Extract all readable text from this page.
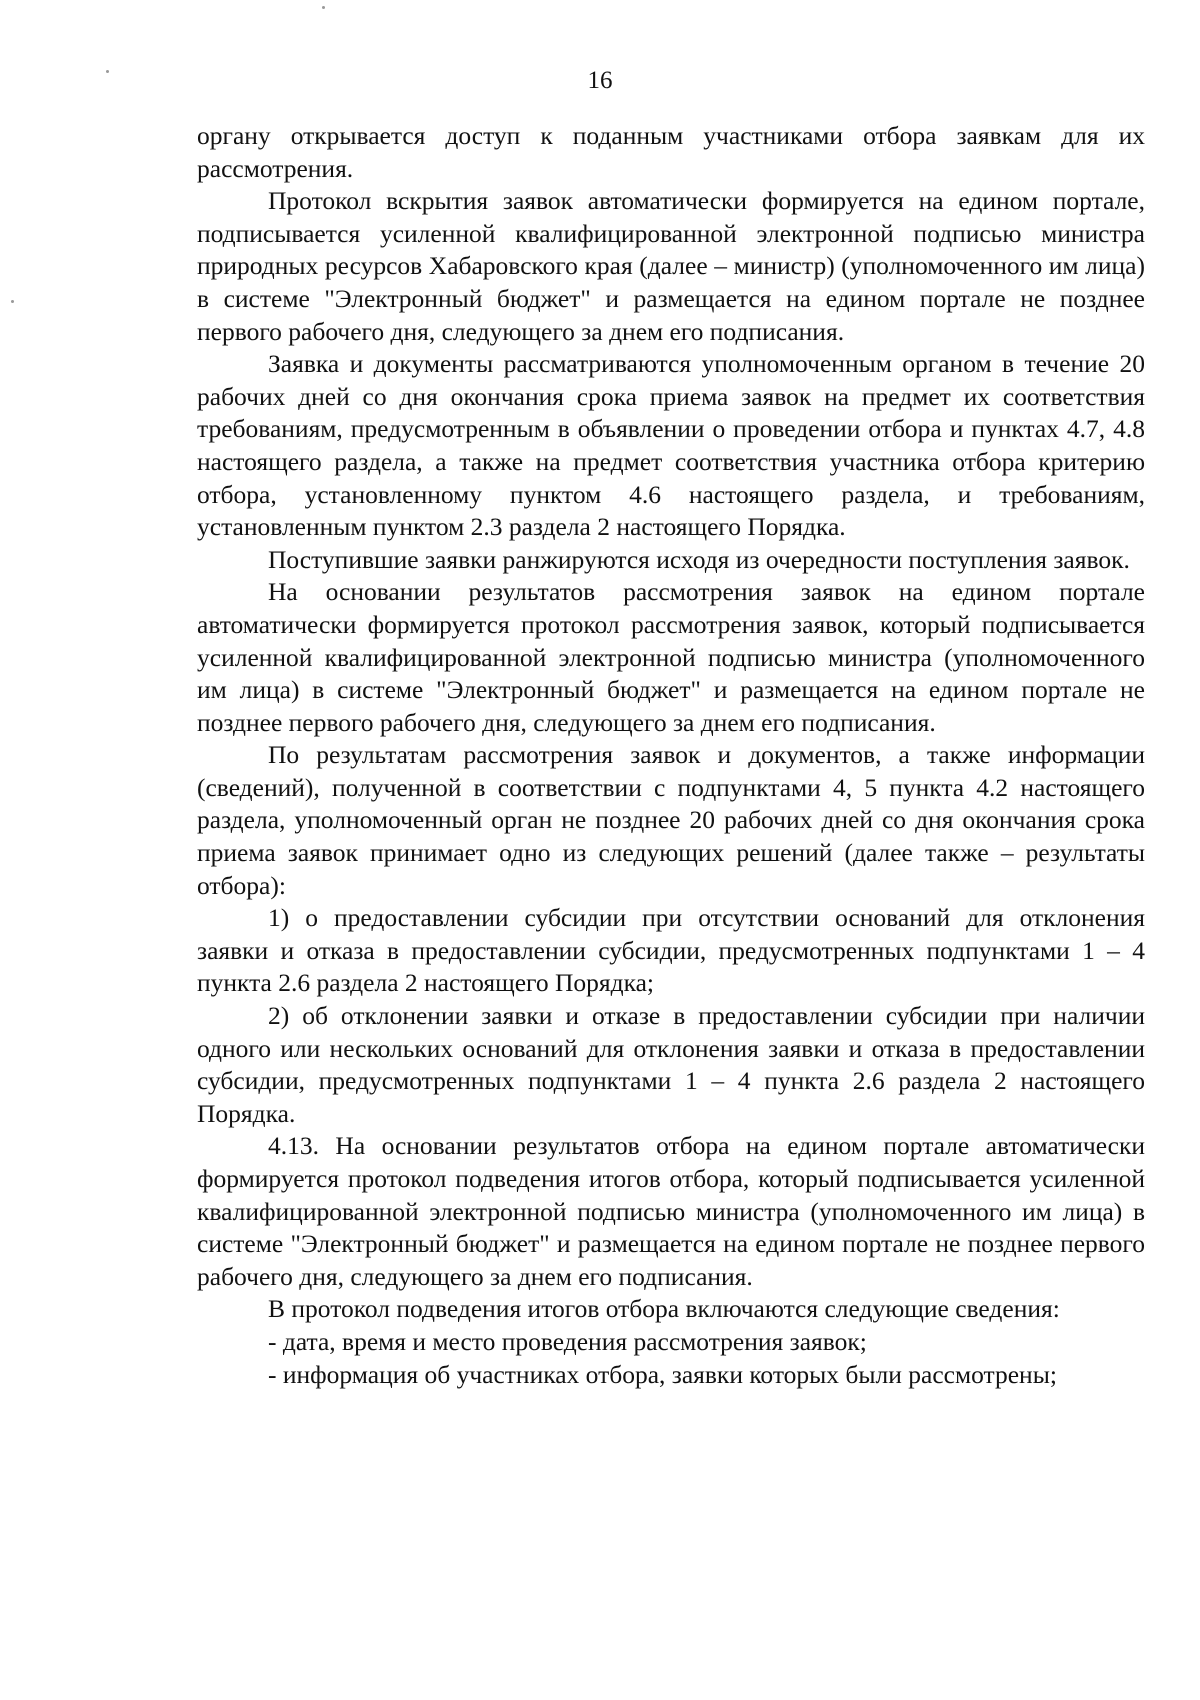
16

органу открывается доступ к поданным участниками отбора заявкам для их рассмотрения.

Протокол вскрытия заявок автоматически формируется на едином портале, подписывается усиленной квалифицированной электронной подписью министра природных ресурсов Хабаровского края (далее – министр) (уполномоченного им лица) в системе "Электронный бюджет" и размещается на едином портале не позднее первого рабочего дня, следующего за днем его подписания.

Заявка и документы рассматриваются уполномоченным органом в течение 20 рабочих дней со дня окончания срока приема заявок на предмет их соответствия требованиям, предусмотренным в объявлении о проведении отбора и пунктах 4.7, 4.8 настоящего раздела, а также на предмет соответствия участника отбора критерию отбора, установленному пунктом 4.6 настоящего раздела, и требованиям, установленным пунктом 2.3 раздела 2 настоящего Порядка.

Поступившие заявки ранжируются исходя из очередности поступления заявок.

На основании результатов рассмотрения заявок на едином портале автоматически формируется протокол рассмотрения заявок, который подписывается усиленной квалифицированной электронной подписью министра (уполномоченного им лица) в системе "Электронный бюджет" и размещается на едином портале не позднее первого рабочего дня, следующего за днем его подписания.

По результатам рассмотрения заявок и документов, а также информации (сведений), полученной в соответствии с подпунктами 4, 5 пункта 4.2 настоящего раздела, уполномоченный орган не позднее 20 рабочих дней со дня окончания срока приема заявок принимает одно из следующих решений (далее также – результаты отбора):

1) о предоставлении субсидии при отсутствии оснований для отклонения заявки и отказа в предоставлении субсидии, предусмотренных подпунктами 1 – 4 пункта 2.6 раздела 2 настоящего Порядка;

2) об отклонении заявки и отказе в предоставлении субсидии при наличии одного или нескольких оснований для отклонения заявки и отказа в предоставлении субсидии, предусмотренных подпунктами 1 – 4 пункта 2.6 раздела 2 настоящего Порядка.

4.13. На основании результатов отбора на едином портале автоматически формируется протокол подведения итогов отбора, который подписывается усиленной квалифицированной электронной подписью министра (уполномоченного им лица) в системе "Электронный бюджет" и размещается на едином портале не позднее первого рабочего дня, следующего за днем его подписания.

В протокол подведения итогов отбора включаются следующие сведения:

- дата, время и место проведения рассмотрения заявок;

- информация об участниках отбора, заявки которых были рассмотрены;
